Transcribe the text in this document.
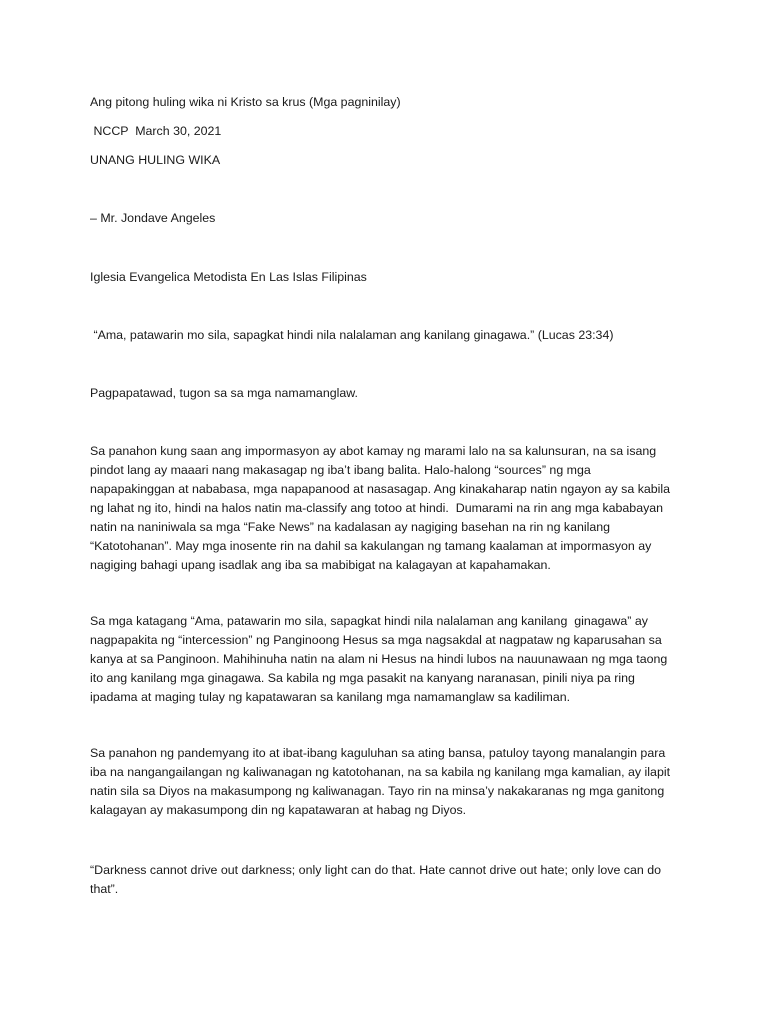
Ang pitong huling wika ni Kristo sa krus (Mga pagninilay)
NCCP  March 30, 2021
UNANG HULING WIKA
– Mr. Jondave Angeles
Iglesia Evangelica Metodista En Las Islas Filipinas
“Ama, patawarin mo sila, sapagkat hindi nila nalalaman ang kanilang ginagawa.” (Lucas 23:34)
Pagpapatawad, tugon sa sa mga namamanglaw.
Sa panahon kung saan ang impormasyon ay abot kamay ng marami lalo na sa kalunsuran, na sa isang
pindot lang ay maaari nang makasagap ng iba’t ibang balita. Halo-halong “sources” ng mga
napapakinggan at nababasa, mga napapanood at nasasagap. Ang kinakaharap natin ngayon ay sa kabila
ng lahat ng ito, hindi na halos natin ma-classify ang totoo at hindi.  Dumarami na rin ang mga kababayan
natin na naniniwala sa mga “Fake News” na kadalasan ay nagiging basehan na rin ng kanilang
“Katotohanan”. May mga inosente rin na dahil sa kakulangan ng tamang kaalaman at impormasyon ay
nagiging bahagi upang isadlak ang iba sa mabibigat na kalagayan at kapahamakan.
Sa mga katagang “Ama, patawarin mo sila, sapagkat hindi nila nalalaman ang kanilang  ginagawa” ay
nagpapakita ng “intercession” ng Panginoong Hesus sa mga nagsakdal at nagpataw ng kaparusahan sa
kanya at sa Panginoon. Mahihinuha natin na alam ni Hesus na hindi lubos na nauunawaan ng mga taong
ito ang kanilang mga ginagawa. Sa kabila ng mga pasakit na kanyang naranasan, pinili niya pa ring
ipadama at maging tulay ng kapatawaran sa kanilang mga namamanglaw sa kadiliman.
Sa panahon ng pandemyang ito at ibat-ibang kaguluhan sa ating bansa, patuloy tayong manalangin para
iba na nangangailangan ng kaliwanagan ng katotohanan, na sa kabila ng kanilang mga kamalian, ay ilapit
natin sila sa Diyos na makasumpong ng kaliwanagan. Tayo rin na minsa’y nakakaranas ng mga ganitong
kalagayan ay makasumpong din ng kapatawaran at habag ng Diyos.
“Darkness cannot drive out darkness; only light can do that. Hate cannot drive out hate; only love can do
that”.
